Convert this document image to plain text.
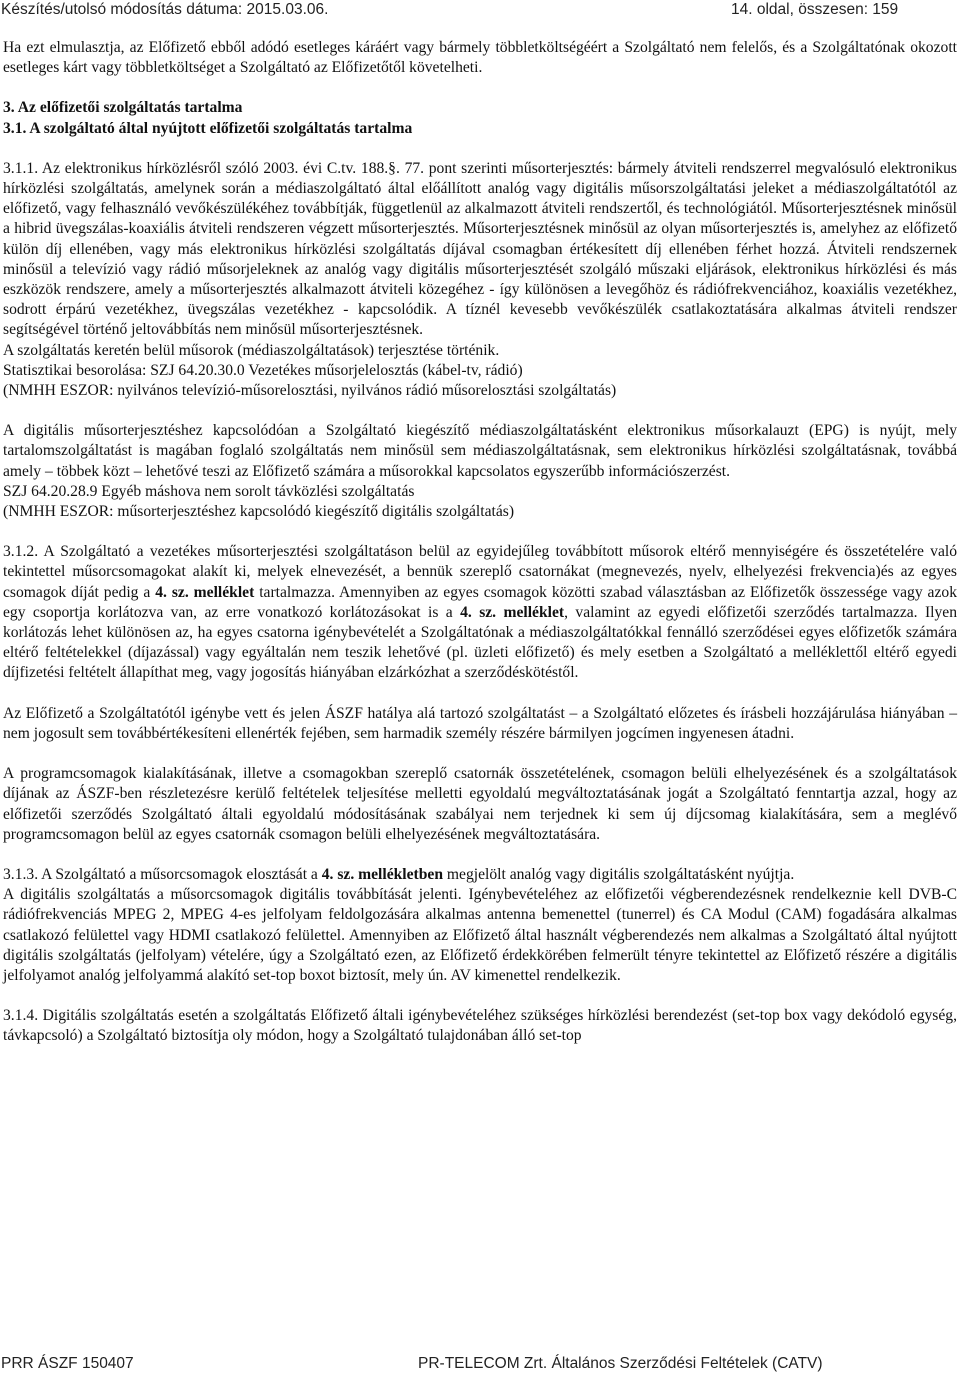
Készítés/utolsó módosítás dátuma: 2015.03.06.	14. oldal, összesen: 159

Ha ezt elmulasztja, az Előfizető ebből adódó esetleges káráért vagy bármely többletköltségéért a Szolgáltató nem felelős, és a Szolgáltatónak okozott esetleges kárt vagy többletköltséget a Szolgáltató az Előfizetőtől követelheti.

3. Az előfizetői szolgáltatás tartalma

3.1. A szolgáltató által nyújtott előfizetői szolgáltatás tartalma

3.1.1. Az elektronikus hírközlésről szóló 2003. évi C.tv. 188.§. 77. pont szerinti műsorterjesztés: bármely átviteli rendszerrel megvalósuló elektronikus hírközlési szolgáltatás, amelynek során a médiaszolgáltató által előállított analóg vagy digitális műsorszolgáltatási jeleket a médiaszolgáltatótól az előfizető, vagy felhasználó vevőkészülékéhez továbbítják, függetlenül az alkalmazott átviteli rendszertől, és technológiától. Műsorterjesztésnek minősül a hibrid üvegszálas-koaxiális átviteli rendszeren végzett műsorterjesztés. Műsorterjesztésnek minősül az olyan műsorterjesztés is, amelyhez az előfizető külön díj ellenében, vagy más elektronikus hírközlési szolgáltatás díjával csomagban értékesített díj ellenében férhet hozzá. Átviteli rendszernek minősül a televízió vagy rádió műsorjeleknek az analóg vagy digitális műsorterjesztését szolgáló műszaki eljárások, elektronikus hírközlési és más eszközök rendszere, amely a műsorterjesztés alkalmazott átviteli közegéhez - így különösen a levegőhöz és rádiófrekvenciához, koaxiális vezetékhez, sodrott érpárú vezetékhez, üvegszálas vezetékhez - kapcsolódik. A tíznél kevesebb vevőkészülék csatlakoztatására alkalmas átviteli rendszer segítségével történő jeltovábbítás nem minősül műsorterjesztésnek.

A szolgáltatás keretén belül műsorok (médiaszolgáltatások) terjesztése történik.

Statisztikai besorolása: SZJ 64.20.30.0 Vezetékes műsorjelelosztás (kábel-tv, rádió)

(NMHH ESZOR: nyilvános televízió-műsorelosztási, nyilvános rádió műsorelosztási szolgáltatás)

A digitális műsorterjesztéshez kapcsolódóan a Szolgáltató kiegészítő médiaszolgáltatásként elektronikus műsorkalauzt (EPG) is nyújt, mely tartalomszolgáltatást is magában foglaló szolgáltatás nem minősül sem médiaszolgáltatásnak, sem elektronikus hírközlési szolgáltatásnak, továbbá amely – többek közt – lehetővé teszi az Előfizető számára a műsorokkal kapcsolatos egyszerűbb információszerzést.

SZJ 64.20.28.9 Egyéb máshova nem sorolt távközlési szolgáltatás

(NMHH ESZOR: műsorterjesztéshez kapcsolódó kiegészítő digitális szolgáltatás)

3.1.2. A Szolgáltató a vezetékes műsorterjesztési szolgáltatáson belül az egyidejűleg továbbított műsorok eltérő mennyiségére és összetételére való tekintettel műsorcsomagokat alakít ki, melyek elnevezését, a bennük szereplő csatornákat (megnevezés, nyelv, elhelyezési frekvencia)és az egyes csomagok díját pedig a 4. sz. melléklet tartalmazza. Amennyiben az egyes csomagok közötti szabad választásban az Előfizetők összessége vagy azok egy csoportja korlátozva van, az erre vonatkozó korlátozásokat is a 4. sz. melléklet, valamint az egyedi előfizetői szerződés tartalmazza. Ilyen korlátozás lehet különösen az, ha egyes csatorna igénybevételét a Szolgáltatónak a médiaszolgáltatókkal fennálló szerződései egyes előfizetők számára eltérő feltételekkel (díjazással) vagy egyáltalán nem teszik lehetővé (pl. üzleti előfizető) és mely esetben a Szolgáltató a melléklettől eltérő egyedi díjfizetési feltételt állapíthat meg, vagy jogosítás hiányában elzárkózhat a szerződéskötéstől.

Az Előfizető a Szolgáltatótól igénybe vett és jelen ÁSZF hatálya alá tartozó szolgáltatást – a Szolgáltató előzetes és írásbeli hozzájárulása hiányában – nem jogosult sem továbbértékesíteni ellenérték fejében, sem harmadik személy részére bármilyen jogcímen ingyenesen átadni.

A programcsomagok kialakításának, illetve a csomagokban szereplő csatornák összetételének, csomagon belüli elhelyezésének és a szolgáltatások díjának az ÁSZF-ben részletezésre kerülő feltételek teljesítése melletti egyoldalú megváltoztatásának jogát a Szolgáltató fenntartja azzal, hogy az előfizetői szerződés Szolgáltató általi egyoldalú módosításának szabályai nem terjednek ki sem új díjcsomag kialakítására, sem a meglévő programcsomagon belül az egyes csatornák csomagon belüli elhelyezésének megváltoztatására.

3.1.3. A Szolgáltató a műsorcsomagok elosztását a 4. sz. mellékletben megjelölt analóg vagy digitális szolgáltatásként nyújtja.

A digitális szolgáltatás a műsorcsomagok digitális továbbítását jelenti. Igénybevételéhez az előfizetői végberendezésnek rendelkeznie kell DVB-C rádiófrekvenciás MPEG 2, MPEG 4-es jelfolyam feldolgozására alkalmas antenna bemenettel (tunerrel) és CA Modul (CAM) fogadására alkalmas csatlakozó felülettel vagy HDMI csatlakozó felülettel. Amennyiben az Előfizető által használt végberendezés nem alkalmas a Szolgáltató által nyújtott digitális szolgáltatás (jelfolyam) vételére, úgy a Szolgáltató ezen, az Előfizető érdekkörében felmerült tényre tekintettel az Előfizető részére a digitális jelfolyamot analóg jelfolyammá alakító set-top boxot biztosít, mely ún. AV kimenettel rendelkezik.

3.1.4. Digitális szolgáltatás esetén a szolgáltatás Előfizető általi igénybevételéhez szükséges hírközlési berendezést (set-top box vagy dekódoló egység, távkapcsoló) a Szolgáltató biztosítja oly módon, hogy a Szolgáltató tulajdonában álló set-top

PRR ÁSZF 150407	PR-TELECOM Zrt. Általános Szerződési Feltételek (CATV)
